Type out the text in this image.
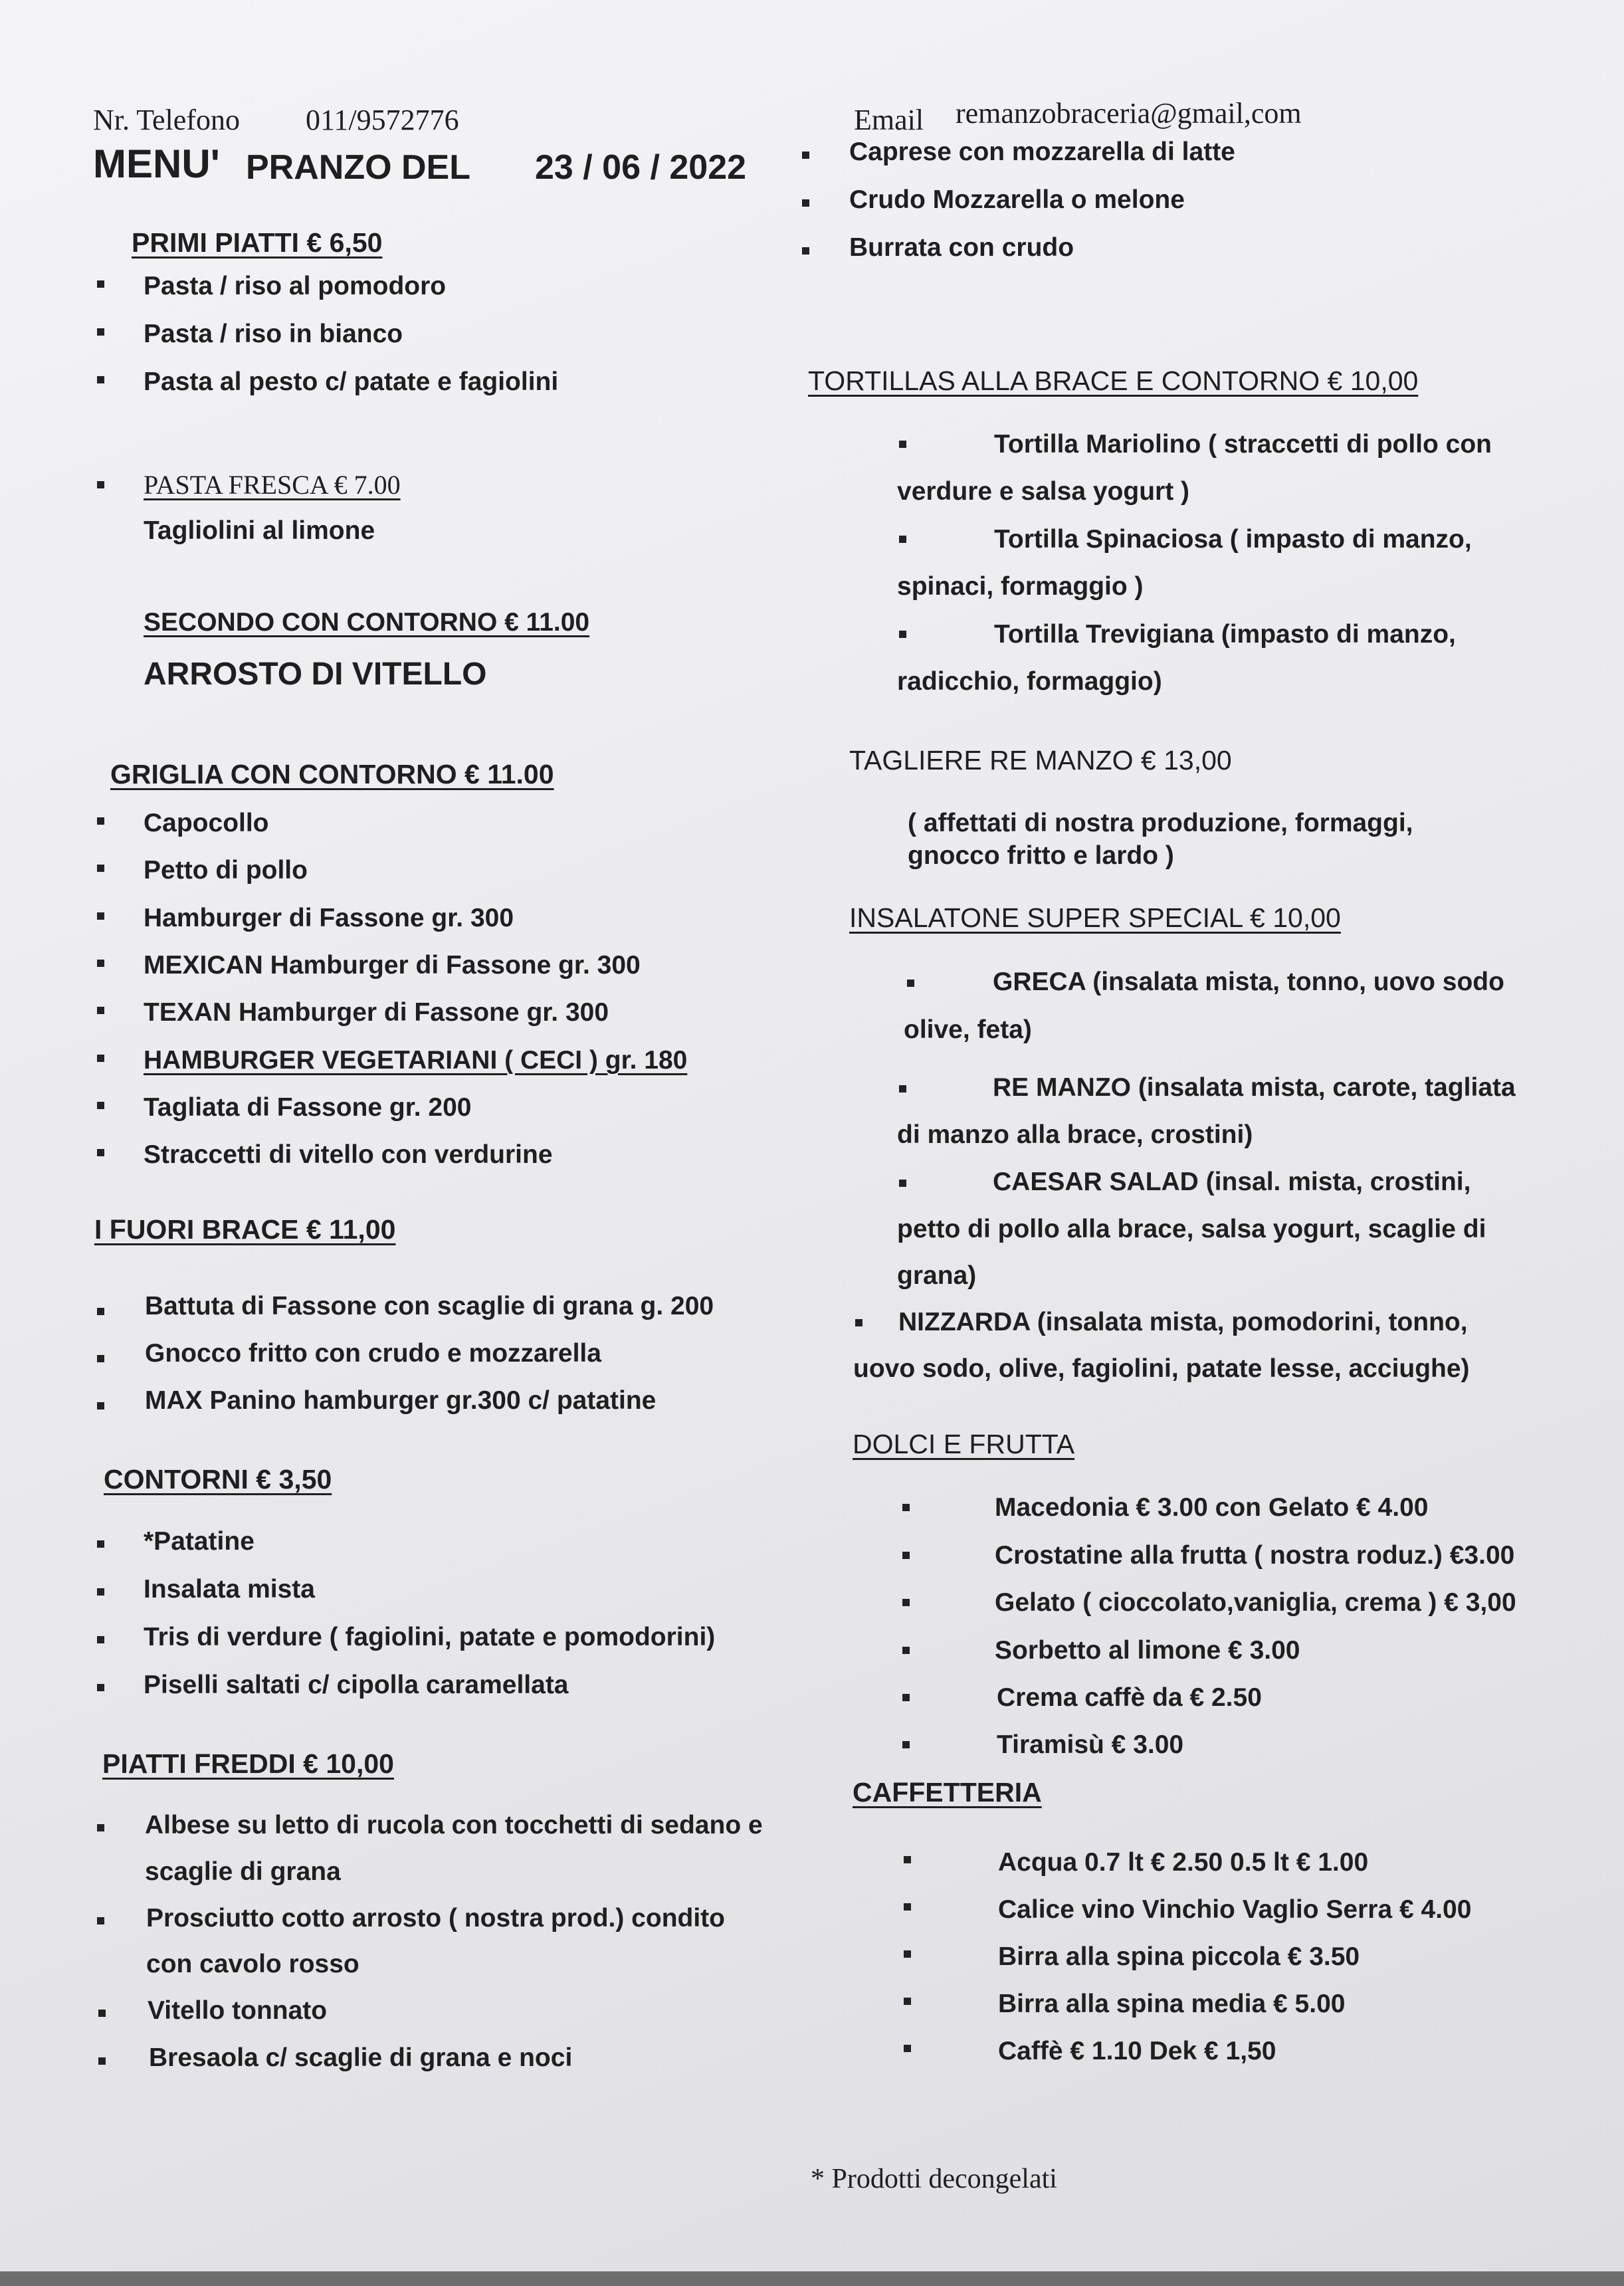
Nr. Telefono 011/9572776	Email remanzobraceria@gmail,com
MENU' PRANZO DEL 23 / 06 / 2022
PRIMI PIATTI € 6,50
Pasta / riso al pomodoro
Pasta / riso in bianco
Pasta al pesto c/ patate e fagiolini
PASTA FRESCA € 7.00
Tagliolini al limone
SECONDO CON CONTORNO € 11.00
ARROSTO DI VITELLO
GRIGLIA CON CONTORNO € 11.00
Capocollo
Petto di pollo
Hamburger di Fassone gr. 300
MEXICAN Hamburger di Fassone gr. 300
TEXAN Hamburger di Fassone gr. 300
HAMBURGER VEGETARIANI ( CECI ) gr. 180
Tagliata di Fassone gr. 200
Straccetti di vitello con verdurine
I FUORI BRACE € 11,00
Battuta di Fassone con scaglie di grana g. 200
Gnocco fritto con crudo e mozzarella
MAX Panino hamburger gr.300 c/ patatine
CONTORNI € 3,50
*Patatine
Insalata mista
Tris di verdure ( fagiolini, patate e pomodorini)
Piselli saltati c/ cipolla caramellata
PIATTI FREDDI € 10,00
Albese su letto di rucola con tocchetti di sedano e
scaglie di grana
Prosciutto cotto arrosto ( nostra prod.) condito
con cavolo rosso
Vitello tonnato
Bresaola c/ scaglie di grana e noci
Caprese con mozzarella di latte
Crudo Mozzarella o melone
Burrata con crudo
TORTILLAS ALLA BRACE E CONTORNO € 10,00
Tortilla Mariolino ( straccetti di pollo con
verdure e salsa yogurt )
Tortilla Spinaciosa ( impasto di manzo,
spinaci, formaggio )
Tortilla Trevigiana (impasto di manzo,
radicchio, formaggio)
TAGLIERE RE MANZO € 13,00
( affettati di nostra produzione, formaggi,
gnocco fritto e lardo )
INSALATONE SUPER SPECIAL € 10,00
GRECA (insalata mista, tonno, uovo sodo
olive, feta)
RE MANZO (insalata mista, carote, tagliata
di manzo alla brace, crostini)
CAESAR SALAD (insal. mista, crostini,
petto di pollo alla brace, salsa yogurt, scaglie di
grana)
NIZZARDA (insalata mista, pomodorini, tonno,
uovo sodo, olive, fagiolini, patate lesse, acciughe)
DOLCI E FRUTTA
Macedonia € 3.00 con Gelato € 4.00
Crostatine alla frutta ( nostra roduz.) €3.00
Gelato ( cioccolato,vaniglia, crema ) € 3,00
Sorbetto al limone € 3.00
Crema caffè da € 2.50
Tiramisù € 3.00
CAFFETTERIA
Acqua 0.7 lt € 2.50 0.5 lt € 1.00
Calice vino Vinchio Vaglio Serra € 4.00
Birra alla spina piccola € 3.50
Birra alla spina media € 5.00
Caffè € 1.10 Dek € 1,50
* Prodotti decongelati
